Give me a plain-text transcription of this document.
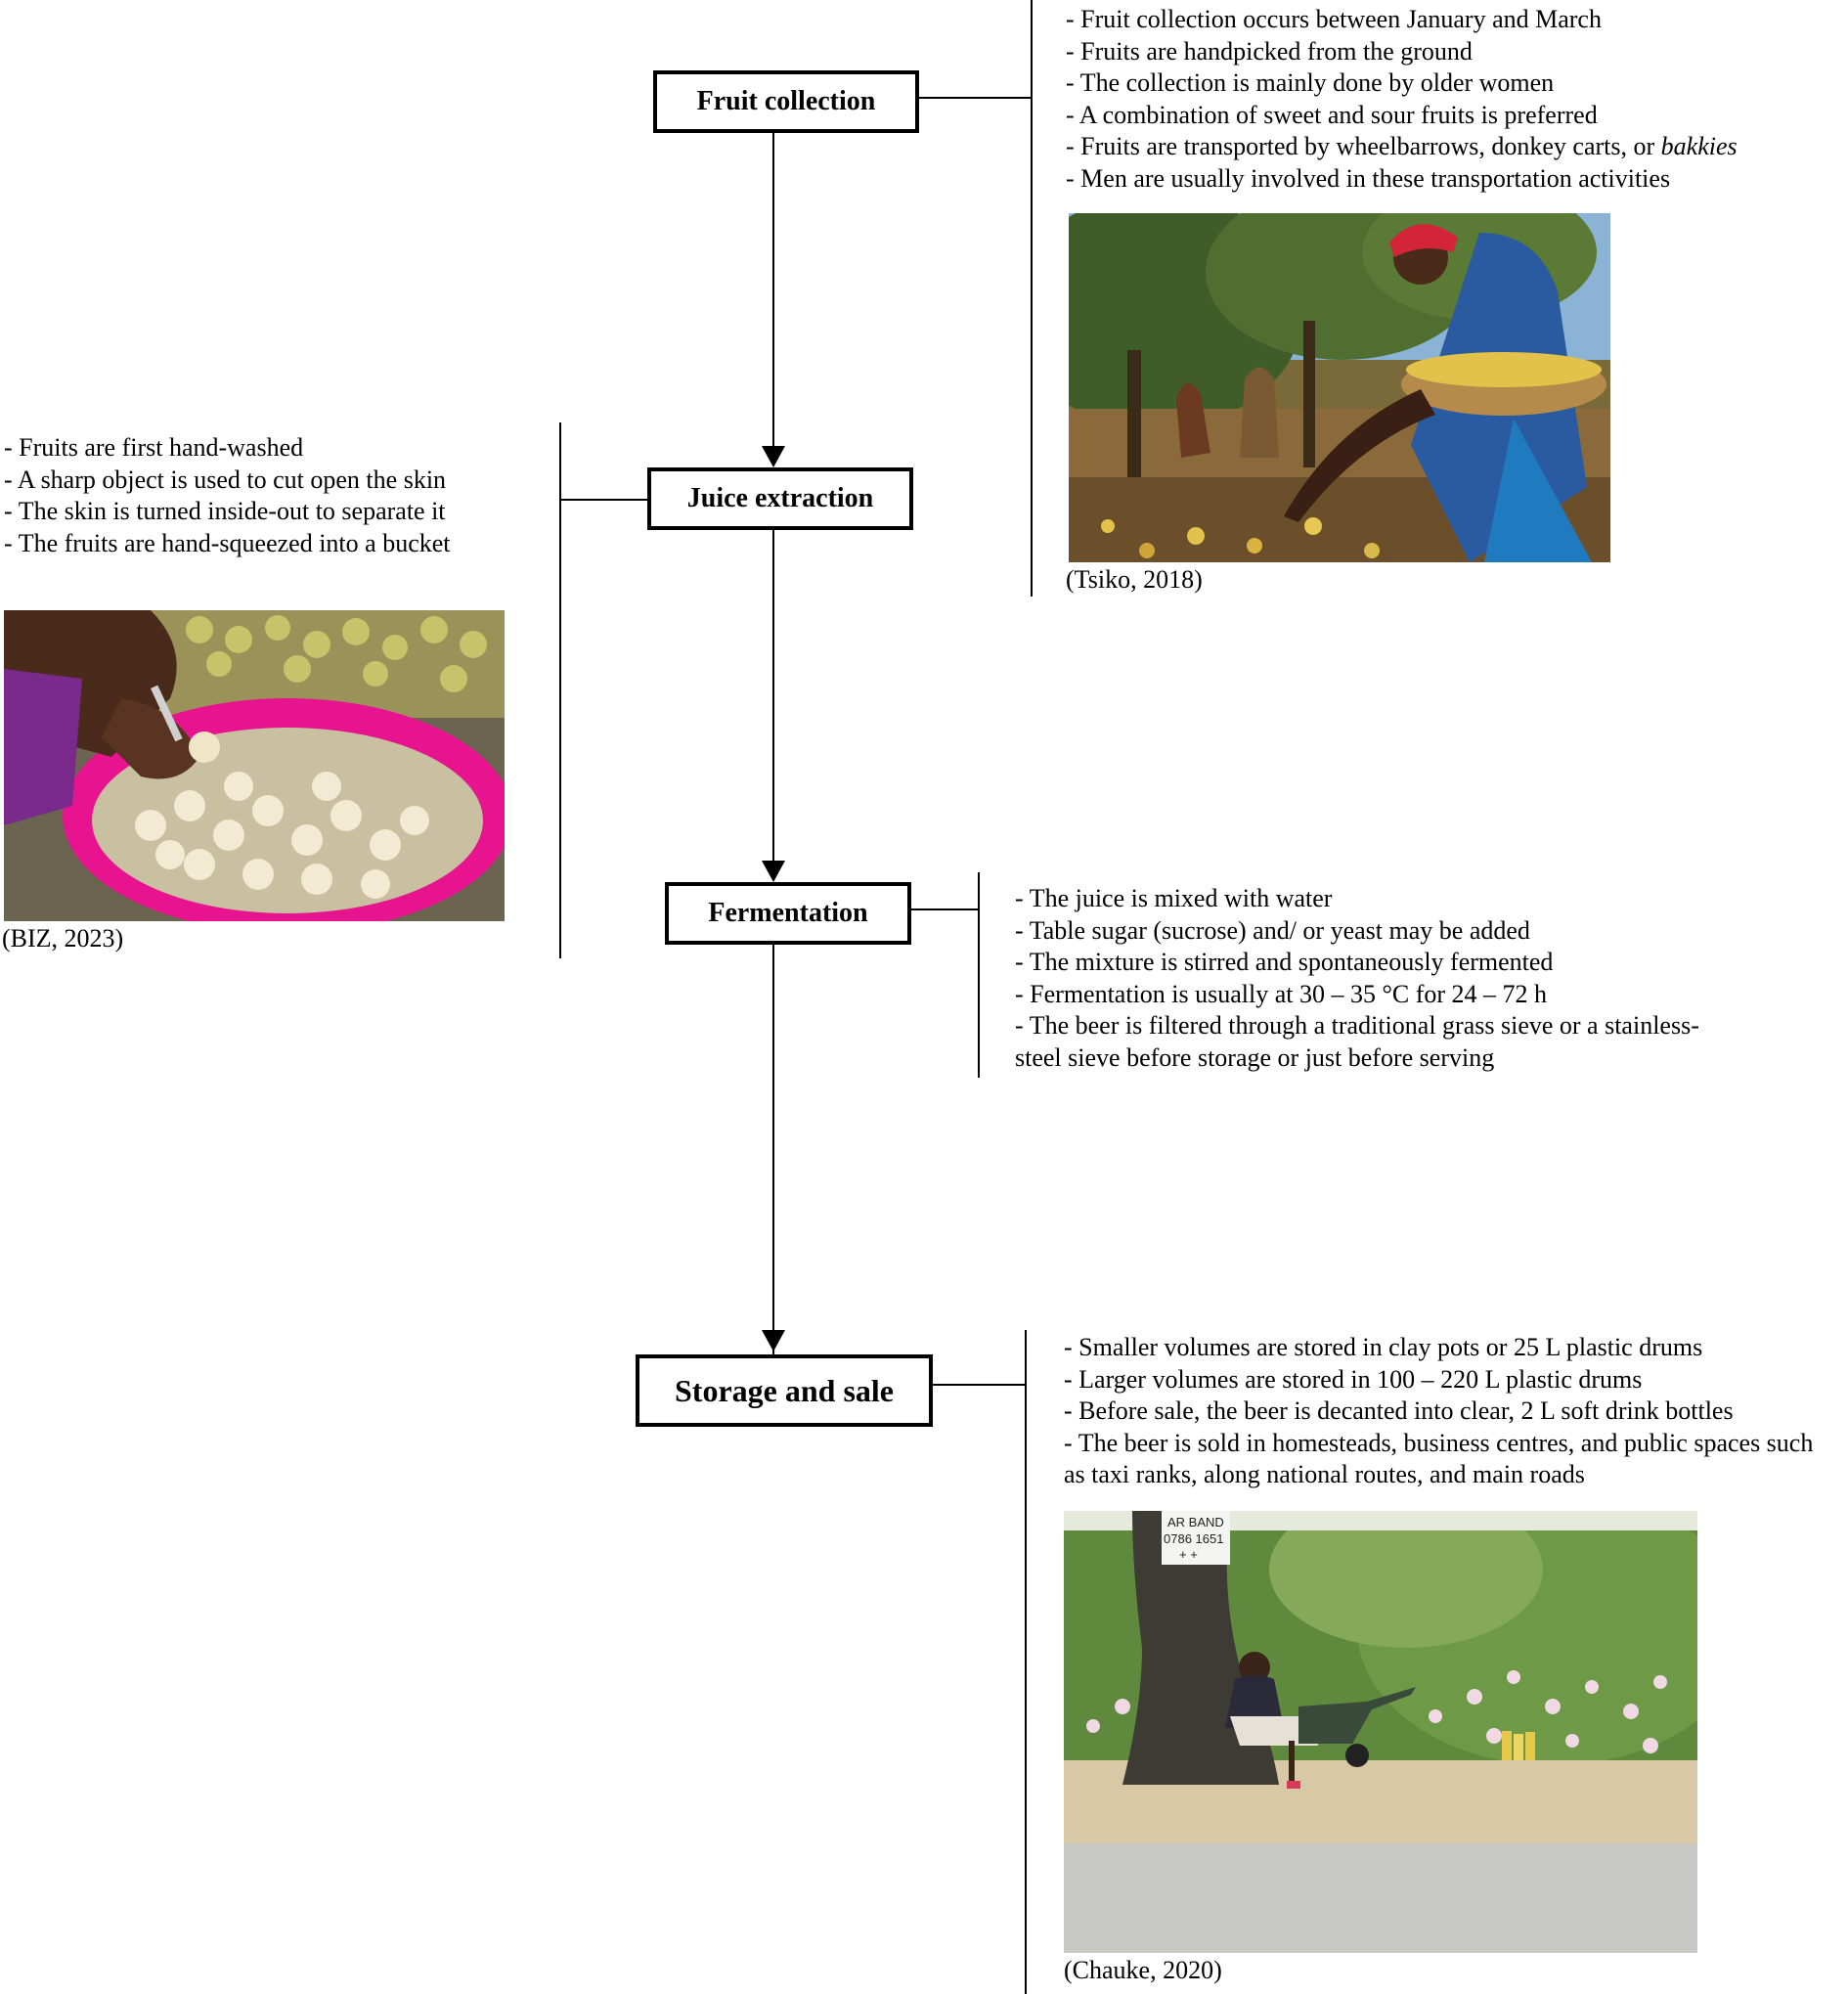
Fruit collection
Juice extraction
Fermentation
Storage and sale
- Fruit collection occurs between January and March
- Fruits are handpicked from the ground
- The collection is mainly done by older women
- A combination of sweet and sour fruits is preferred
- Fruits are transported by wheelbarrows, donkey carts, or bakkies
- Men are usually involved in these transportation activities
(Tsiko, 2018)
- Fruits are first hand-washed
- A sharp object is used to cut open the skin
- The skin is turned inside-out to separate it
- The fruits are hand-squeezed into a bucket
(BIZ, 2023)
- The juice is mixed with water
- Table sugar (sucrose) and/ or yeast may be added
- The mixture is stirred and spontaneously fermented
- Fermentation is usually at 30 – 35 °C for 24 – 72 h
- The beer is filtered through a traditional grass sieve or a stainless-steel sieve before storage or just before serving
- Smaller volumes are stored in clay pots or 25 L plastic drums
- Larger volumes are stored in 100 – 220 L plastic drums
- Before sale, the beer is decanted into clear, 2 L soft drink bottles
- The beer is sold in homesteads, business centres, and public spaces such as taxi ranks, along national routes, and main roads
AR BAND
0786 1651
+ +
(Chauke, 2020)
